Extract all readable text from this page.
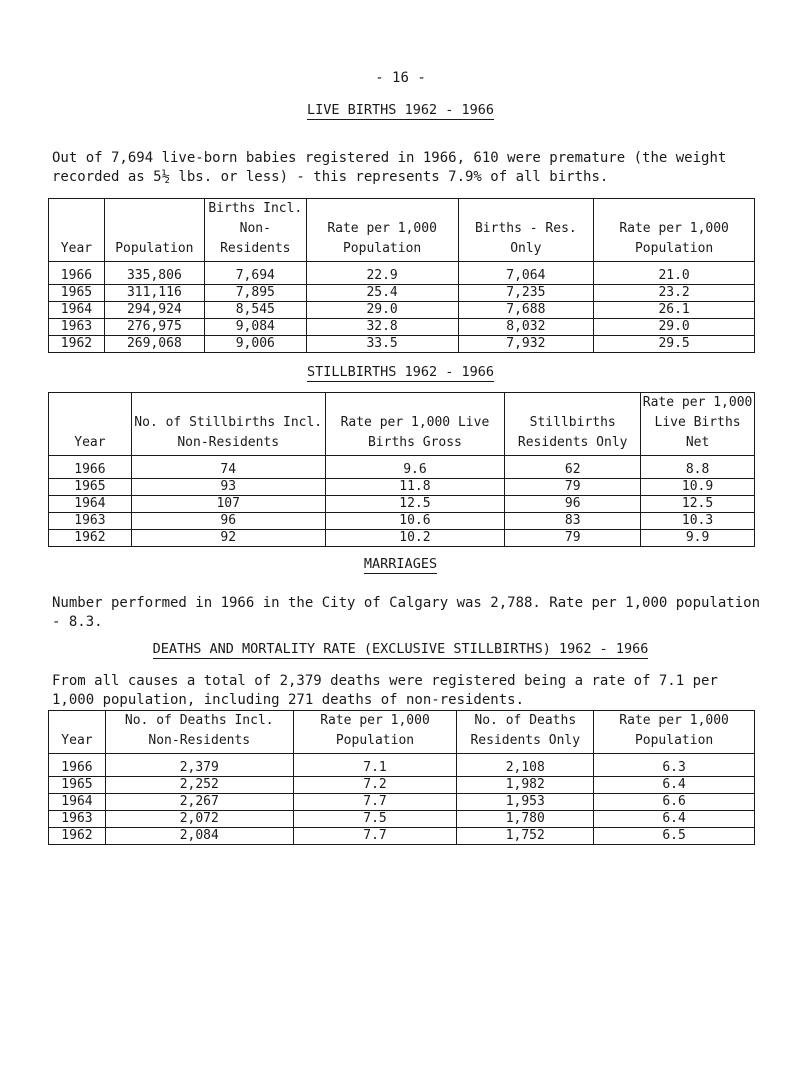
- 16 -
LIVE BIRTHS 1962 - 1966
Out of 7,694 live-born babies registered in 1966, 610 were premature (the weight recorded as 5½ lbs. or less) - this represents 7.9% of all births.
Year	Population	Births Incl. Non-Residents	Rate per 1,000 Population	Births - Res. Only	Rate per 1,000 Population
1966	335,806	7,694	22.9	7,064	21.0
1965	311,116	7,895	25.4	7,235	23.2
1964	294,924	8,545	29.0	7,688	26.1
1963	276,975	9,084	32.8	8,032	29.0
1962	269,068	9,006	33.5	7,932	29.5
STILLBIRTHS 1962 - 1966
Year	No. of Stillbirths Incl. Non-Residents	Rate per 1,000 Live Births Gross	Stillbirths Residents Only	Rate per 1,000 Live Births Net
1966	74	9.6	62	8.8
1965	93	11.8	79	10.9
1964	107	12.5	96	12.5
1963	96	10.6	83	10.3
1962	92	10.2	79	9.9
MARRIAGES
Number performed in 1966 in the City of Calgary was 2,788. Rate per 1,000 population - 8.3.
DEATHS AND MORTALITY RATE (EXCLUSIVE STILLBIRTHS) 1962 - 1966
From all causes a total of 2,379 deaths were registered being a rate of 7.1 per 1,000 population, including 271 deaths of non-residents.
Year	No. of Deaths Incl. Non-Residents	Rate per 1,000 Population	No. of Deaths Residents Only	Rate per 1,000 Population
1966	2,379	7.1	2,108	6.3
1965	2,252	7.2	1,982	6.4
1964	2,267	7.7	1,953	6.6
1963	2,072	7.5	1,780	6.4
1962	2,084	7.7	1,752	6.5
